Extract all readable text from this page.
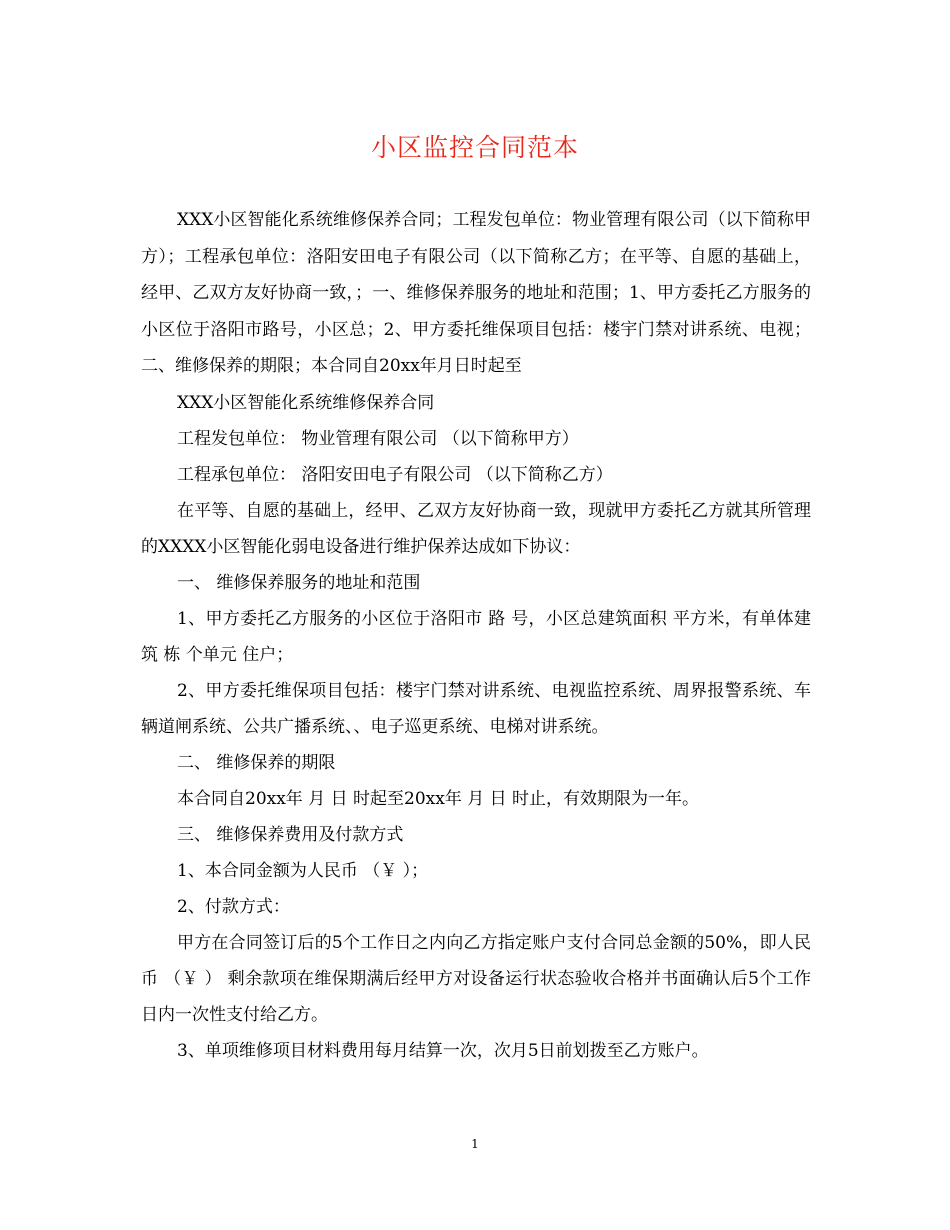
小区监控合同范本

XXX小区智能化系统维修保养合同；工程发包单位：物业管理有限公司（以下简称甲方）；工程承包单位：洛阳安田电子有限公司（以下简称乙方；在平等、自愿的基础上，经甲、乙双方友好协商一致，；一、维修保养服务的地址和范围；1、甲方委托乙方服务的小区位于洛阳市路号，小区总；2、甲方委托维保项目包括：楼宇门禁对讲系统、电视；二、维修保养的期限；本合同自20xx年月日时起至

XXX小区智能化系统维修保养合同

工程发包单位： 物业管理有限公司 （以下简称甲方）

工程承包单位： 洛阳安田电子有限公司 （以下简称乙方）

在平等、自愿的基础上，经甲、乙双方友好协商一致，现就甲方委托乙方就其所管理的XXXX小区智能化弱电设备进行维护保养达成如下协议：

一、 维修保养服务的地址和范围

1、甲方委托乙方服务的小区位于洛阳市 路 号，小区总建筑面积 平方米，有单体建筑 栋 个单元 住户；

2、甲方委托维保项目包括：楼宇门禁对讲系统、电视监控系统、周界报警系统、车辆道闸系统、公共广播系统、、电子巡更系统、电梯对讲系统。

二、 维修保养的期限

本合同自20xx年 月 日 时起至20xx年 月 日 时止，有效期限为一年。

三、 维修保养费用及付款方式

1、本合同金额为人民币 （￥ ）；

2、付款方式：

甲方在合同签订后的5个工作日之内向乙方指定账户支付合同总金额的50%，即人民币 （￥ ） 剩余款项在维保期满后经甲方对设备运行状态验收合格并书面确认后5个工作日内一次性支付给乙方。

3、单项维修项目材料费用每月结算一次，次月5日前划拨至乙方账户。

1
